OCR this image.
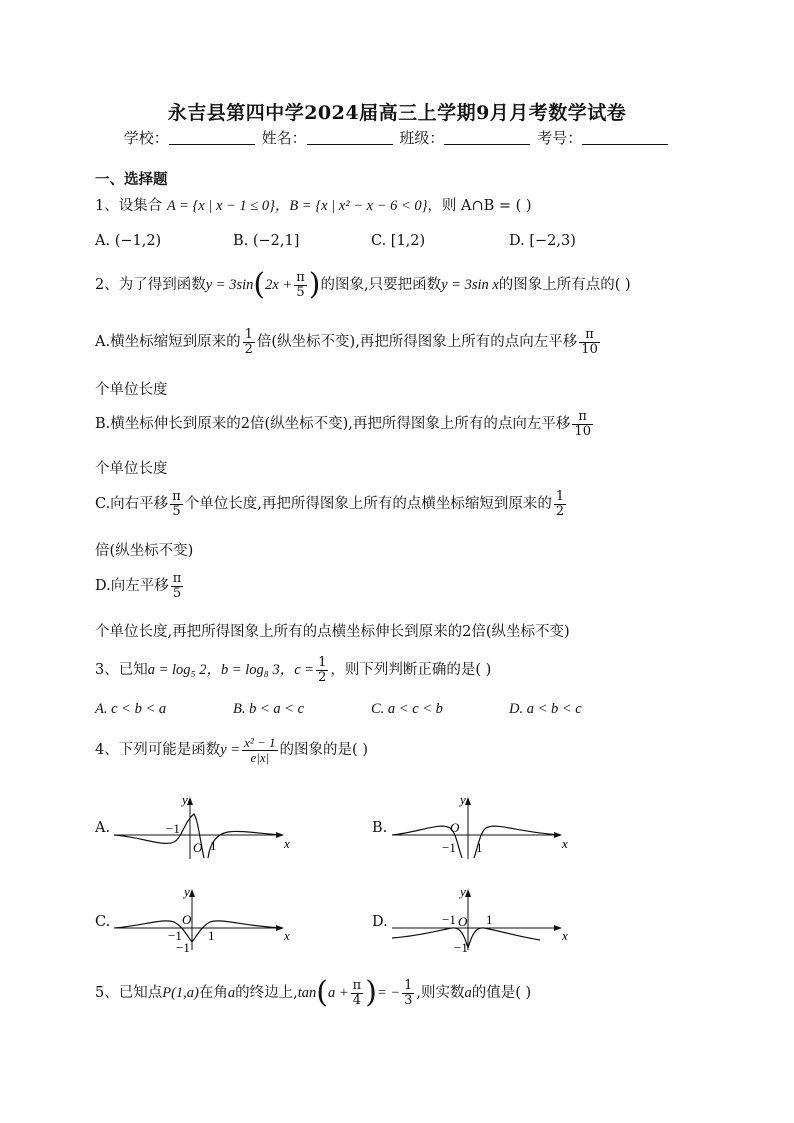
永吉县第四中学2024届高三上学期9月月考数学试卷
学校：	姓名：	班级：	考号：
一、选择题
1、设集合 A = {x | x − 1 ≤ 0}，B = {x | x² − x − 6 < 0}，则 A∩B = ( )
A. (−1,2)	B. (−2,1]	C. [1,2)	D. [−2,3)
2、为了得到函数$y = 3\sin(2x + \frac{\pi}{5}$ )的图象,只要把函数y = 3sin x的图象上所有点的( )
A.横坐标缩短到原来的 $\frac{1}{2}$ 倍(纵坐标不变),再把所得图象上所有的点向左平移 $\frac{\pi}{10}$
个单位长度
B.横坐标伸长到原来的2倍(纵坐标不变),再把所得图象上所有的点向左平移 $\frac{\pi}{10}$
个单位长度
C.向右平移 $\frac{\pi}{5}$ 个单位长度,再把所得图象上所有的点横坐标缩短到原来的 $\frac{1}{2}$
倍(纵坐标不变)
D.向左平移 $\frac{\pi}{5}$
个单位长度,再把所得图象上所有的点横坐标伸长到原来的2倍(纵坐标不变)
3、已知a = log₅ 2，b = log₈ 3，$c = \frac{1}{2}$ ，则下列判断正确的是( )
A. c < b < a	B. b < a < c	C. a < c < b	D. a < b < c
4、下列可能是函数$y = \frac{\text{x² − 1}}{e|x|}$ 的图象的是( )
A.
x
y
−1
O 1
B.
x
y
O
−1 1
C.
x
y
O
−1 1
−1
D.
x
y
−1 O 1
−1
5、已知点P(1,a)在角a的终边上$,\tan(a + \frac{\pi}{4}$ )= − $\frac{1}{3}$ ,则实数a的值是( )
